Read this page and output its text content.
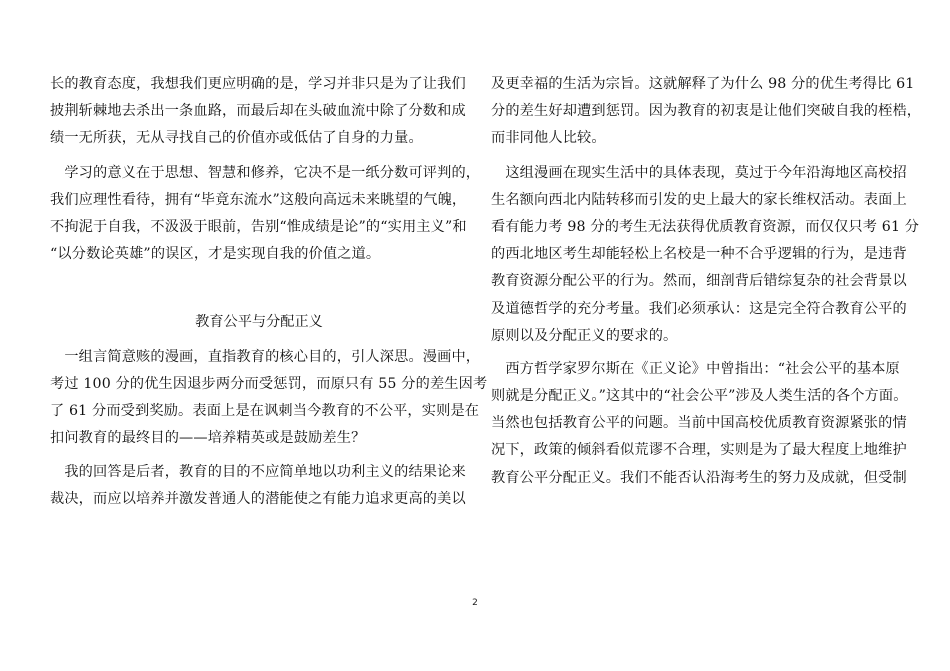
长的教育态度，我想我们更应明确的是，学习并非只是为了让我们
披荆斩棘地去杀出一条血路，而最后却在头破血流中除了分数和成
绩一无所获，无从寻找自己的价值亦或低估了自身的力量。
　学习的意义在于思想、智慧和修养，它决不是一纸分数可评判的，
我们应理性看待，拥有“毕竟东流水”这般向高远未来眺望的气魄，
不拘泥于自我，不汲汲于眼前，告别“惟成绩是论”的“实用主义”和
“以分数论英雄”的误区，才是实现自我的价值之道。
教育公平与分配正义
　一组言简意赅的漫画，直指教育的核心目的，引人深思。漫画中，
考过 100 分的优生因退步两分而受惩罚，而原只有 55 分的差生因考
了 61 分而受到奖励。表面上是在讽刺当今教育的不公平，实则是在
扣问教育的最终目的——培养精英或是鼓励差生？
　我的回答是后者，教育的目的不应简单地以功利主义的结果论来
裁决，而应以培养并激发普通人的潜能使之有能力追求更高的美以
及更幸福的生活为宗旨。这就解释了为什么 98 分的优生考得比 61
分的差生好却遭到惩罚。因为教育的初衷是让他们突破自我的桎梏，
而非同他人比较。
　这组漫画在现实生活中的具体表现，莫过于今年沿海地区高校招
生名额向西北内陆转移而引发的史上最大的家长维权活动。表面上
看有能力考 98 分的考生无法获得优质教育资源，而仅仅只考 61 分
的西北地区考生却能轻松上名校是一种不合乎逻辑的行为，是违背
教育资源分配公平的行为。然而，细剖背后错综复杂的社会背景以
及道德哲学的充分考量。我们必须承认：这是完全符合教育公平的
原则以及分配正义的要求的。
　西方哲学家罗尔斯在《正义论》中曾指出：“社会公平的基本原
则就是分配正义。”这其中的“社会公平”涉及人类生活的各个方面。
当然也包括教育公平的问题。当前中国高校优质教育资源紧张的情
况下，政策的倾斜看似荒谬不合理，实则是为了最大程度上地维护
教育公平分配正义。我们不能否认沿海考生的努力及成就，但受制
2
